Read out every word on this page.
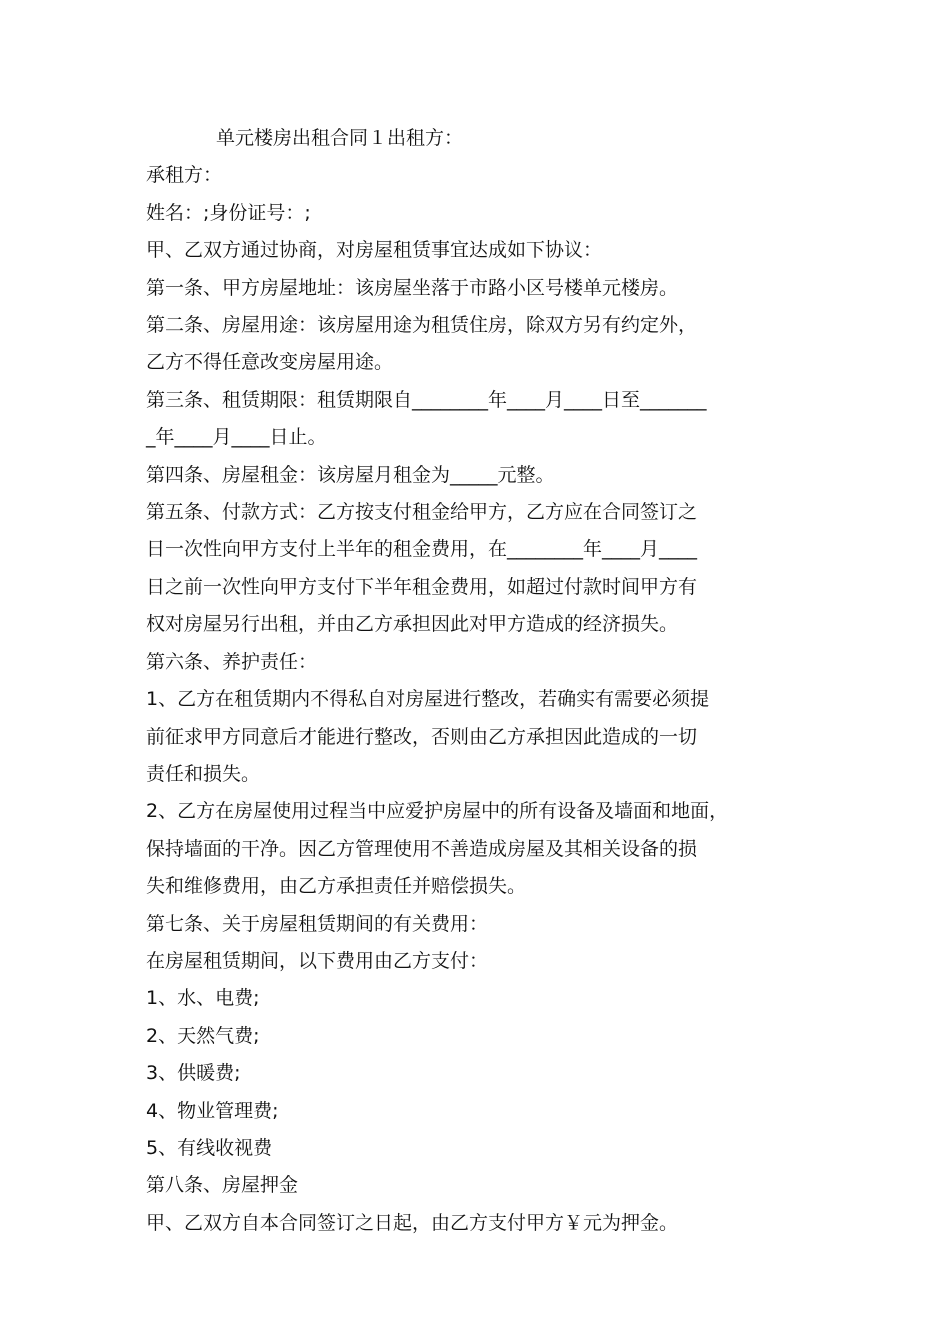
单元楼房出租合同１出租方：
承租方：
姓名：;身份证号：;
甲、乙双方通过协商，对房屋租赁事宜达成如下协议：
第一条、甲方房屋地址：该房屋坐落于市路小区号楼单元楼房。
第二条、房屋用途：该房屋用途为租赁住房，除双方另有约定外，
乙方不得任意改变房屋用途。
第三条、租赁期限：租赁期限自________年____月____日至_______
_年____月____日止。
第四条、房屋租金：该房屋月租金为_____元整。
第五条、付款方式：乙方按支付租金给甲方，乙方应在合同签订之
日一次性向甲方支付上半年的租金费用，在________年____月____
日之前一次性向甲方支付下半年租金费用，如超过付款时间甲方有
权对房屋另行出租，并由乙方承担因此对甲方造成的经济损失。
第六条、养护责任：
1、乙方在租赁期内不得私自对房屋进行整改，若确实有需要必须提
前征求甲方同意后才能进行整改，否则由乙方承担因此造成的一切
责任和损失。
2、乙方在房屋使用过程当中应爱护房屋中的所有设备及墙面和地面，
保持墙面的干净。因乙方管理使用不善造成房屋及其相关设备的损
失和维修费用，由乙方承担责任并赔偿损失。
第七条、关于房屋租赁期间的有关费用：
在房屋租赁期间，以下费用由乙方支付：
1、水、电费;
2、天然气费;
3、供暖费;
4、物业管理费;
5、有线收视费
第八条、房屋押金
甲、乙双方自本合同签订之日起，由乙方支付甲方￥元为押金。
